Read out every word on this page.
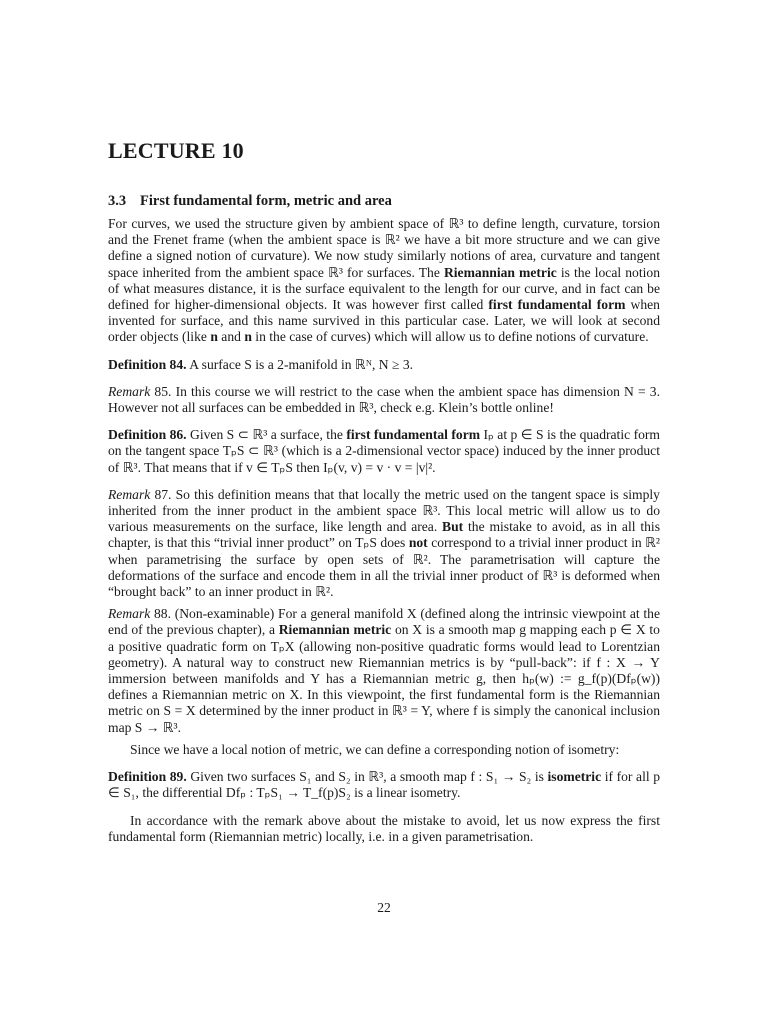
LECTURE 10
3.3 First fundamental form, metric and area

For curves, we used the structure given by ambient space of ℝ³ to define length, curvature, torsion and the Frenet frame (when the ambient space is ℝ² we have a bit more structure and we can give define a signed notion of curvature). We now study similarly notions of area, curvature and tangent space inherited from the ambient space ℝ³ for surfaces. The Riemannian metric is the local notion of what measures distance, it is the surface equivalent to the length for our curve, and in fact can be defined for higher-dimensional objects. It was however first called first fundamental form when invented for surface, and this name survived in this particular case. Later, we will look at second order objects (like n and n in the case of curves) which will allow us to define notions of curvature.

Definition 84. A surface S is a 2-manifold in ℝᴺ, N ≥ 3.

Remark 85. In this course we will restrict to the case when the ambient space has dimension N = 3. However not all surfaces can be embedded in ℝ³, check e.g. Klein’s bottle online!

Definition 86. Given S ⊂ ℝ³ a surface, the first fundamental form Iₚ at p ∈ S is the quadratic form on the tangent space TₚS ⊂ ℝ³ (which is a 2-dimensional vector space) induced by the inner product of ℝ³. That means that if v ∈ TₚS then Iₚ(v, v) = v · v = |v|².

Remark 87. So this definition means that that locally the metric used on the tangent space is simply inherited from the inner product in the ambient space ℝ³. This local metric will allow us to do various measurements on the surface, like length and area. But the mistake to avoid, as in all this chapter, is that this “trivial inner product” on TₚS does not correspond to a trivial inner product in ℝ² when parametrising the surface by open sets of ℝ². The parametrisation will capture the deformations of the surface and encode them in all the trivial inner product of ℝ³ is deformed when “brought back” to an inner product in ℝ².

Remark 88. (Non-examinable) For a general manifold X (defined along the intrinsic viewpoint at the end of the previous chapter), a Riemannian metric on X is a smooth map g mapping each p ∈ X to a positive quadratic form on TₚX (allowing non-positive quadratic forms would lead to Lorentzian geometry). A natural way to construct new Riemannian metrics is by “pull-back”: if f : X → Y immersion between manifolds and Y has a Riemannian metric g, then hₚ(w) := g_f(p)(Dfₚ(w)) defines a Riemannian metric on X. In this viewpoint, the first fundamental form is the Riemannian metric on S = X determined by the inner product in ℝ³ = Y, where f is simply the canonical inclusion map S → ℝ³.

Since we have a local notion of metric, we can define a corresponding notion of isometry:

Definition 89. Given two surfaces S₁ and S₂ in ℝ³, a smooth map f : S₁ → S₂ is isometric if for all p ∈ S₁, the differential Dfₚ : TₚS₁ → T_f(p)S₂ is a linear isometry.

In accordance with the remark above about the mistake to avoid, let us now express the first fundamental form (Riemannian metric) locally, i.e. in a given parametrisation.

22
